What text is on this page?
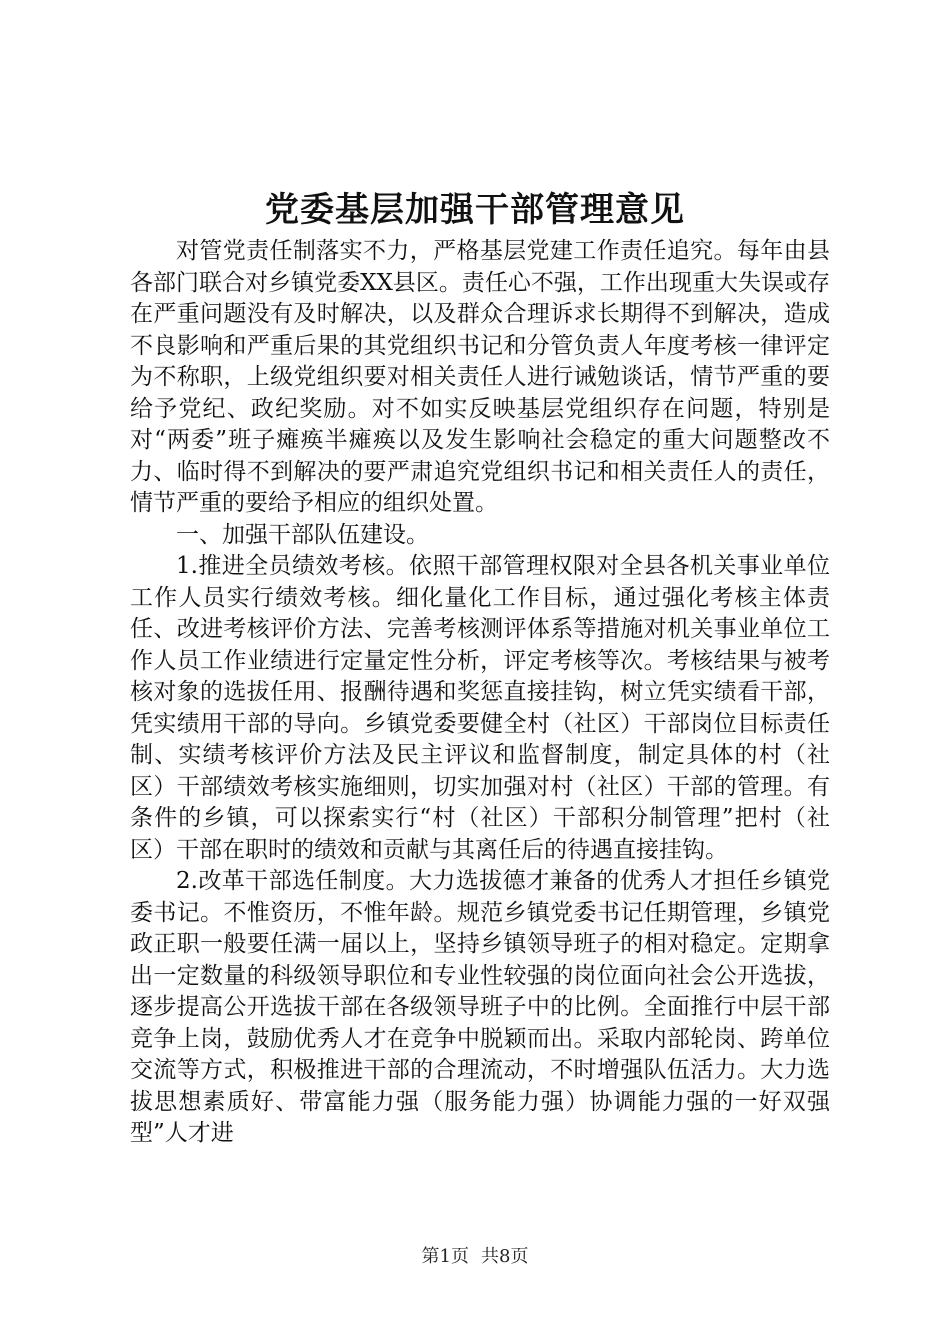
党委基层加强干部管理意见

对管党责任制落实不力，严格基层党建工作责任追究。每年由县各部门联合对乡镇党委XX县区。责任心不强，工作出现重大失误或存在严重问题没有及时解决，以及群众合理诉求长期得不到解决，造成不良影响和严重后果的其党组织书记和分管负责人年度考核一律评定为不称职，上级党组织要对相关责任人进行诫勉谈话，情节严重的要给予党纪、政纪奖励。对不如实反映基层党组织存在问题，特别是对“两委”班子瘫痪半瘫痪以及发生影响社会稳定的重大问题整改不力、临时得不到解决的要严肃追究党组织书记和相关责任人的责任，情节严重的要给予相应的组织处置。

一、加强干部队伍建设。

1.推进全员绩效考核。依照干部管理权限对全县各机关事业单位工作人员实行绩效考核。细化量化工作目标，通过强化考核主体责任、改进考核评价方法、完善考核测评体系等措施对机关事业单位工作人员工作业绩进行定量定性分析，评定考核等次。考核结果与被考核对象的选拔任用、报酬待遇和奖惩直接挂钩，树立凭实绩看干部，凭实绩用干部的导向。乡镇党委要健全村（社区）干部岗位目标责任制、实绩考核评价方法及民主评议和监督制度，制定具体的村（社区）干部绩效考核实施细则，切实加强对村（社区）干部的管理。有条件的乡镇，可以探索实行“村（社区）干部积分制管理”把村（社区）干部在职时的绩效和贡献与其离任后的待遇直接挂钩。

2.改革干部选任制度。大力选拔德才兼备的优秀人才担任乡镇党委书记。不惟资历，不惟年龄。规范乡镇党委书记任期管理，乡镇党政正职一般要任满一届以上，坚持乡镇领导班子的相对稳定。定期拿出一定数量的科级领导职位和专业性较强的岗位面向社会公开选拔，逐步提高公开选拔干部在各级领导班子中的比例。全面推行中层干部竞争上岗，鼓励优秀人才在竞争中脱颖而出。采取内部轮岗、跨单位交流等方式，积极推进干部的合理流动，不时增强队伍活力。大力选拔思想素质好、带富能力强（服务能力强）协调能力强的一好双强型”人才进

第1页 共8页
